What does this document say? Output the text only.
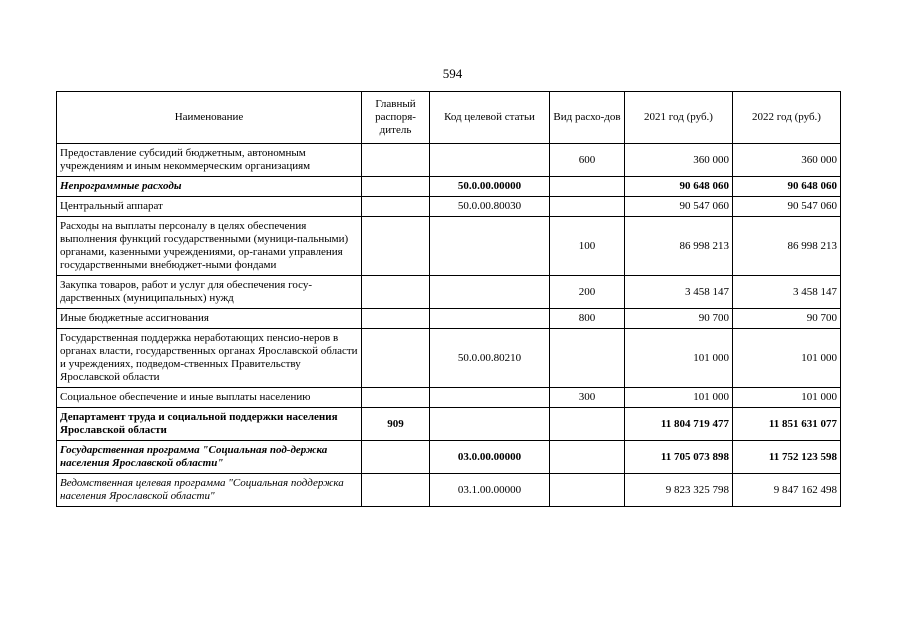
594
Наименование	Главный распоря-дитель	Код целевой статьи	Вид расхо-дов	2021 год (руб.)	2022 год (руб.)
Предоставление субсидий бюджетным, автономным учреждениям и иным некоммерческим организациям			600	360 000	360 000
Непрограммные расходы		50.0.00.00000		90 648 060	90 648 060
Центральный аппарат		50.0.00.80030		90 547 060	90 547 060
Расходы на выплаты персоналу в целях обеспечения выполнения функций государственными (муници-пальными) органами, казенными учреждениями, ор-ганами управления государственными внебюджет-ными фондами			100	86 998 213	86 998 213
Закупка товаров, работ и услуг для обеспечения госу-дарственных (муниципальных) нужд			200	3 458 147	3 458 147
Иные бюджетные ассигнования			800	90 700	90 700
Государственная поддержка неработающих пенсио-неров в органах власти, государственных органах Ярославской области и учреждениях, подведом-ственных Правительству Ярославской области		50.0.00.80210		101 000	101 000
Социальное обеспечение и иные выплаты населению			300	101 000	101 000
Департамент труда и социальной поддержки населения Ярославской области	909			11 804 719 477	11 851 631 077
Государственная программа "Социальная под-держка населения Ярославской области"		03.0.00.00000		11 705 073 898	11 752 123 598
Ведомственная целевая программа "Социальная поддержка населения Ярославской области"		03.1.00.00000		9 823 325 798	9 847 162 498
